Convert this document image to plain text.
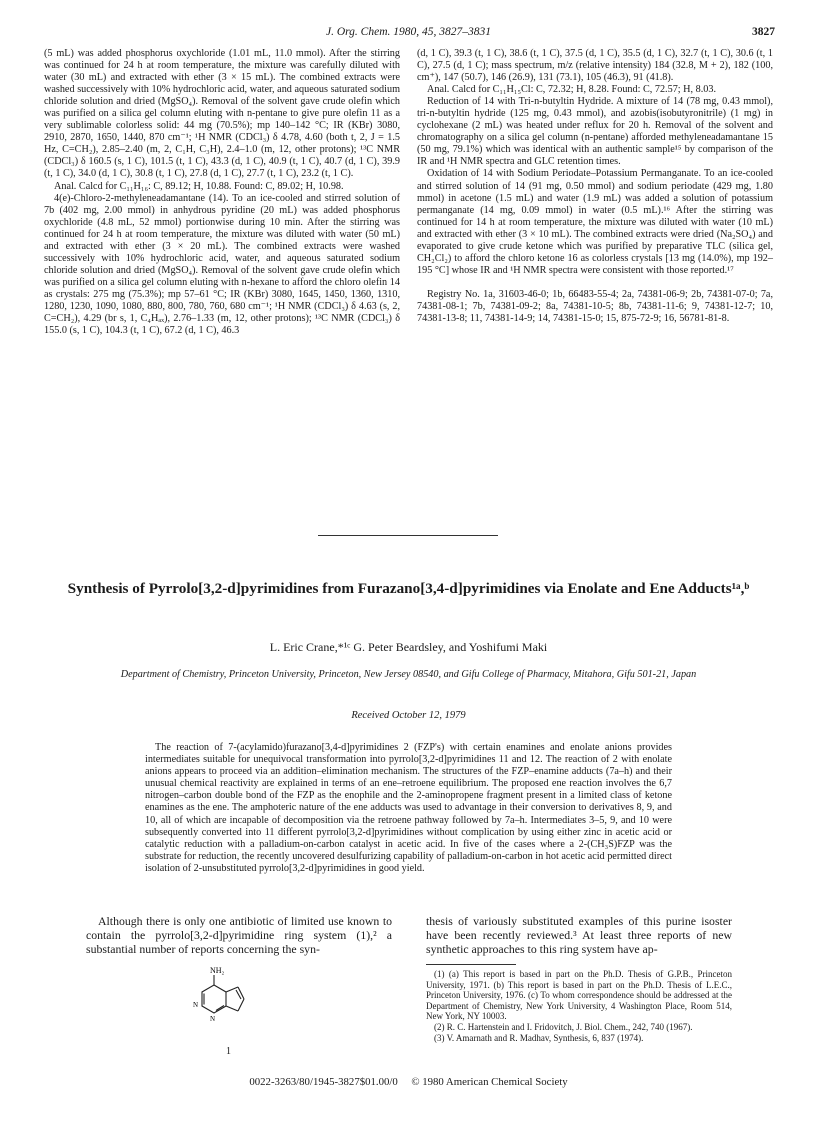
J. Org. Chem. 1980, 45, 3827–3831	3827

(5 mL) was added phosphorus oxychloride (1.01 mL, 11.0 mmol). After the stirring was continued for 24 h at room temperature, the mixture was carefully diluted with water (30 mL) and extracted with ether (3 × 15 mL). The combined extracts were washed successively with 10% hydrochloric acid, water, and aqueous saturated sodium chloride solution and dried (MgSO₄). Removal of the solvent gave crude olefin which was purified on a silica gel column eluting with n-pentane to give pure olefin 11 as a very sublimable colorless solid: 44 mg (70.5%); mp 140–142 °C; IR (KBr) 3080, 2910, 2870, 1650, 1440, 870 cm⁻¹; ¹H NMR (CDCl₃) δ 4.78, 4.60 (both t, 2, J = 1.5 Hz, C=CH₂), 2.85–2.40 (m, 2, C₁H, C₃H), 2.4–1.0 (m, 12, other protons); ¹³C NMR (CDCl₃) δ 160.5 (s, 1 C), 101.5 (t, 1 C), 43.3 (d, 1 C), 40.9 (t, 1 C), 40.7 (d, 1 C), 39.9 (t, 1 C), 34.0 (d, 1 C), 30.8 (t, 1 C), 27.8 (d, 1 C), 27.7 (t, 1 C), 23.2 (t, 1 C).

Anal. Calcd for C₁₁H₁₆: C, 89.12; H, 10.88. Found: C, 89.02; H, 10.98.

4(e)-Chloro-2-methyleneadamantane (14). To an ice-cooled and stirred solution of 7b (402 mg, 2.00 mmol) in anhydrous pyridine (20 mL) was added phosphorus oxychloride (4.8 mL, 52 mmol) portionwise during 10 min. After the stirring was continued for 24 h at room temperature, the mixture was diluted with water (50 mL) and extracted with ether (3 × 20 mL). The combined extracts were washed successively with 10% hydrochloric acid, water, and aqueous saturated sodium chloride solution and dried (MgSO₄). Removal of the solvent gave crude olefin which was purified on a silica gel column eluting with n-hexane to afford the chloro olefin 14 as crystals: 275 mg (75.3%); mp 57–61 °C; IR (KBr) 3080, 1645, 1450, 1360, 1310, 1280, 1230, 1090, 1080, 880, 800, 780, 760, 680 cm⁻¹; ¹H NMR (CDCl₃) δ 4.63 (s, 2, C=CH₂), 4.29 (br s, 1, C₄Hₐₓ), 2.76–1.33 (m, 12, other protons); ¹³C NMR (CDCl₃) δ 155.0 (s, 1 C), 104.3 (t, 1 C), 67.2 (d, 1 C), 46.3

(d, 1 C), 39.3 (t, 1 C), 38.6 (t, 1 C), 37.5 (d, 1 C), 35.5 (d, 1 C), 32.7 (t, 1 C), 30.6 (t, 1 C), 27.5 (d, 1 C); mass spectrum, m/z (relative intensity) 184 (32.8, M + 2), 182 (100, cm⁺), 147 (50.7), 146 (26.9), 131 (73.1), 105 (46.3), 91 (41.8).

Anal. Calcd for C₁₁H₁₅Cl: C, 72.32; H, 8.28. Found: C, 72.57; H, 8.03.

Reduction of 14 with Tri-n-butyltin Hydride. A mixture of 14 (78 mg, 0.43 mmol), tri-n-butyltin hydride (125 mg, 0.43 mmol), and azobis(isobutyronitrile) (1 mg) in cyclohexane (2 mL) was heated under reflux for 20 h. Removal of the solvent and chromatography on a silica gel column (n-pentane) afforded methyleneadamantane 15 (50 mg, 79.1%) which was identical with an authentic sample¹⁵ by comparison of the IR and ¹H NMR spectra and GLC retention times.

Oxidation of 14 with Sodium Periodate–Potassium Permanganate. To an ice-cooled and stirred solution of 14 (91 mg, 0.50 mmol) and sodium periodate (429 mg, 1.80 mmol) in acetone (1.5 mL) and water (1.9 mL) was added a solution of potassium permanganate (14 mg, 0.09 mmol) in water (0.5 mL).¹⁶ After the stirring was continued for 14 h at room temperature, the mixture was diluted with water (10 mL) and extracted with ether (3 × 10 mL). The combined extracts were dried (Na₂SO₄) and evaporated to give crude ketone which was purified by preparative TLC (silica gel, CH₂Cl₂) to afford the chloro ketone 16 as colorless crystals [13 mg (14.0%), mp 192–195 °C] whose IR and ¹H NMR spectra were consistent with those reported.¹⁷

Registry No. 1a, 31603-46-0; 1b, 66483-55-4; 2a, 74381-06-9; 2b, 74381-07-0; 7a, 74381-08-1; 7b, 74381-09-2; 8a, 74381-10-5; 8b, 74381-11-6; 9, 74381-12-7; 10, 74381-13-8; 11, 74381-14-9; 14, 74381-15-0; 15, 875-72-9; 16, 56781-81-8.

Synthesis of Pyrrolo[3,2-d]pyrimidines from Furazano[3,4-d]pyrimidines via Enolate and Ene Adducts¹ᵃ,ᵇ
L. Eric Crane,*¹ᶜ G. Peter Beardsley, and Yoshifumi Maki
Department of Chemistry, Princeton University, Princeton, New Jersey 08540, and Gifu College of Pharmacy, Mitahora, Gifu 501-21, Japan
Received October 12, 1979
The reaction of 7-(acylamido)furazano[3,4-d]pyrimidines 2 (FZP's) with certain enamines and enolate anions provides intermediates suitable for unequivocal transformation into pyrrolo[3,2-d]pyrimidines 11 and 12. The reaction of 2 with enolate anions appears to proceed via an addition–elimination mechanism. The structures of the FZP–enamine adducts (7a–h) and their unusual chemical reactivity are explained in terms of an ene–retroene equilibrium. The proposed ene reaction involves the 6,7 nitrogen–carbon double bond of the FZP as the enophile and the 2-aminopropene fragment present in a limited class of ketone enamines as the ene. The amphoteric nature of the ene adducts was used to advantage in their conversion to derivatives 8, 9, and 10, all of which are incapable of decomposition via the retroene pathway followed by 7a–h. Intermediates 3–5, 9, and 10 were subsequently converted into 11 different pyrrolo[3,2-d]pyrimidines without complication by using either zinc in acetic acid or catalytic reduction with a palladium-on-carbon catalyst in acetic acid. In five of the cases where a 2-(CH₃S)FZP was the substrate for reduction, the recently uncovered desulfurizing capability of palladium-on-carbon in hot acetic acid permitted direct isolation of 2-unsubstituted pyrrolo[3,2-d]pyrimidines in good yield.
Although there is only one antibiotic of limited use known to contain the pyrrolo[3,2-d]pyrimidine ring system (1),² a substantial number of reports concerning the syn-
thesis of variously substituted examples of this purine isoster have been recently reviewed.³ At least three reports of new synthetic approaches to this ring system have ap-
NH₂
N
N
1
(1) (a) This report is based in part on the Ph.D. Thesis of G.P.B., Princeton University, 1971. (b) This report is based in part on the Ph.D. Thesis of L.E.C., Princeton University, 1976. (c) To whom correspondence should be addressed at the Department of Chemistry, New York University, 4 Washington Place, Room 514, New York, NY 10003.
(2) R. C. Hartenstein and I. Fridovitch, J. Biol. Chem., 242, 740 (1967).
(3) V. Amarnath and R. Madhav, Synthesis, 6, 837 (1974).
0022-3263/80/1945-3827$01.00/0 © 1980 American Chemical Society
